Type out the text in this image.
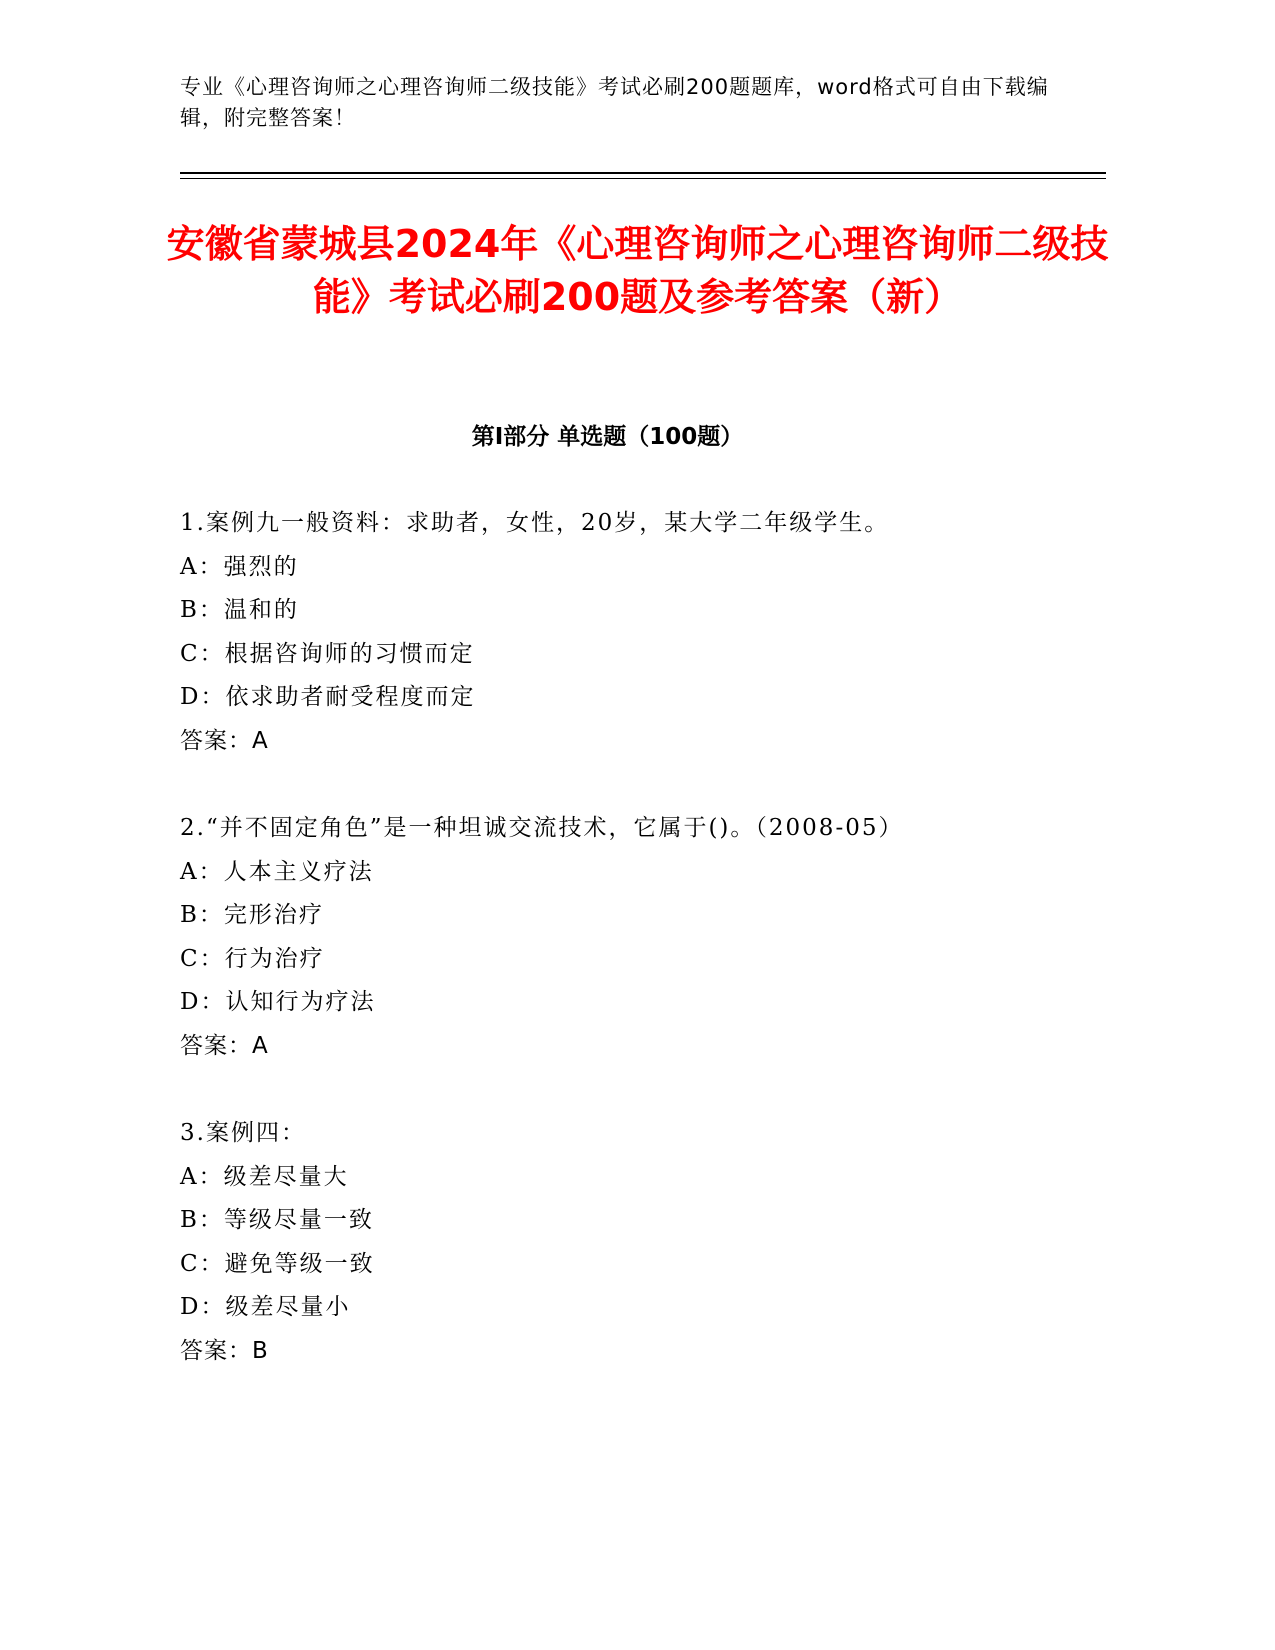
专业《心理咨询师之心理咨询师二级技能》考试必刷200题题库，word格式可自由下载编辑，附完整答案！
安徽省蒙城县2024年《心理咨询师之心理咨询师二级技能》考试必刷200题及参考答案（新）
第Ⅰ部分 单选题（100题）
1.案例九一般资料：求助者，女性，20岁，某大学二年级学生。
A：强烈的
B：温和的
C：根据咨询师的习惯而定
D：依求助者耐受程度而定
答案：A
2.“并不固定角色”是一种坦诚交流技术，它属于()。（2008-05）
A：人本主义疗法
B：完形治疗
C：行为治疗
D：认知行为疗法
答案：A
3.案例四：
A：级差尽量大
B：等级尽量一致
C：避免等级一致
D：级差尽量小
答案：B
